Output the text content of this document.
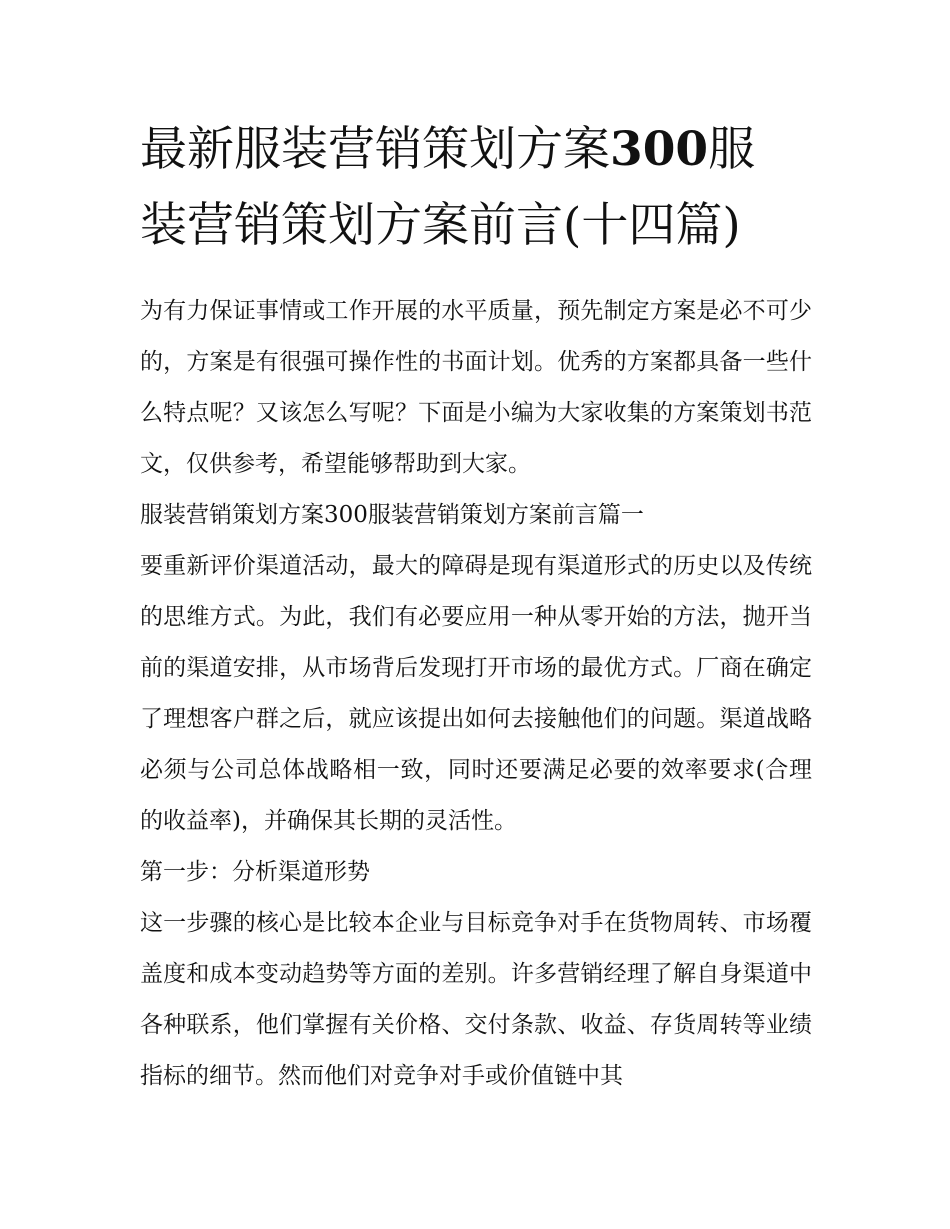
最新服装营销策划方案300服
装营销策划方案前言(十四篇)

为有力保证事情或工作开展的水平质量，预先制定方案是必不可少的，方案是有很强可操作性的书面计划。优秀的方案都具备一些什么特点呢？又该怎么写呢？下面是小编为大家收集的方案策划书范文，仅供参考，希望能够帮助到大家。

服装营销策划方案300服装营销策划方案前言篇一

要重新评价渠道活动，最大的障碍是现有渠道形式的历史以及传统的思维方式。为此，我们有必要应用一种从零开始的方法，抛开当前的渠道安排，从市场背后发现打开市场的最优方式。厂商在确定了理想客户群之后，就应该提出如何去接触他们的问题。渠道战略必须与公司总体战略相一致，同时还要满足必要的效率要求(合理的收益率)，并确保其长期的灵活性。

第一步：分析渠道形势

这一步骤的核心是比较本企业与目标竞争对手在货物周转、市场覆盖度和成本变动趋势等方面的差别。许多营销经理了解自身渠道中各种联系，他们掌握有关价格、交付条款、收益、存货周转等业绩指标的细节。然而他们对竞争对手或价值链中其
